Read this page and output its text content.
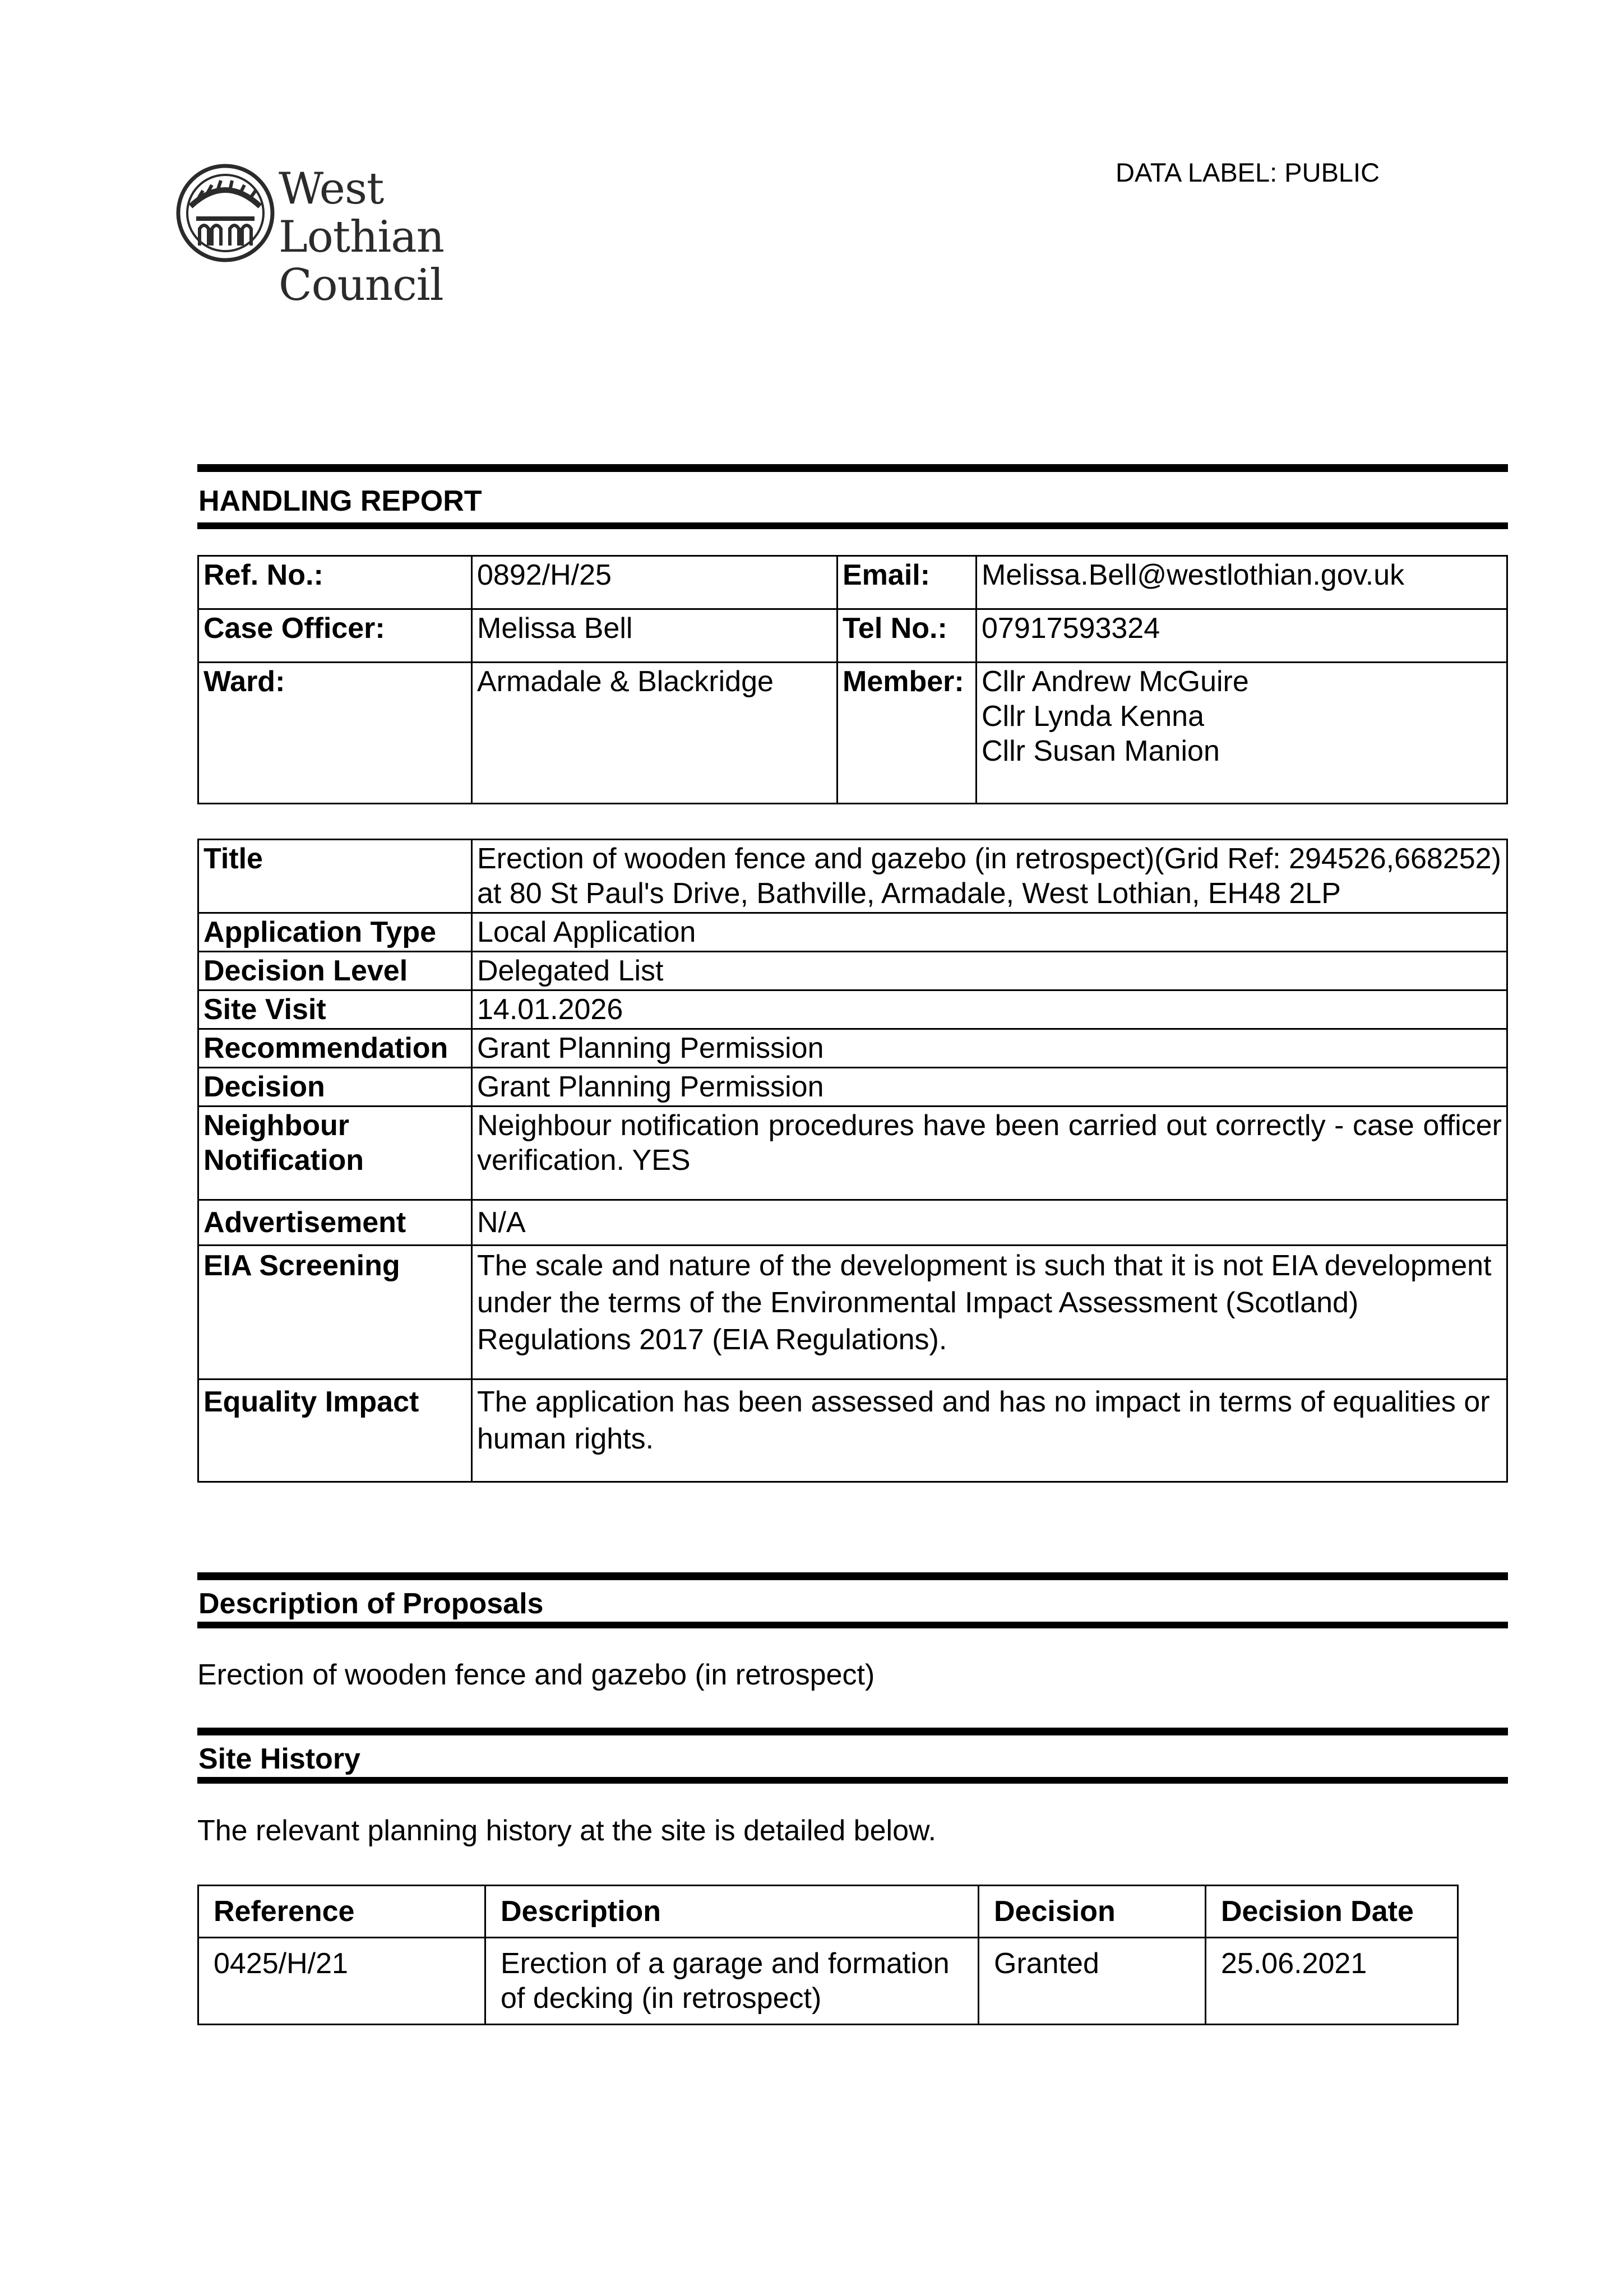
West Lothian
Council
DATA LABEL: PUBLIC
HANDLING REPORT
Ref. No.:	0892/H/25	Email:	Melissa.Bell@westlothian.gov.uk
Case Officer:	Melissa Bell	Tel No.:	07917593324
Ward:	Armadale & Blackridge	Member:	Cllr Andrew McGuire
Cllr Lynda Kenna
Cllr Susan Manion
Title	Erection of wooden fence and gazebo (in retrospect)(Grid Ref: 294526,668252) at 80 St Paul's Drive, Bathville, Armadale, West Lothian, EH48 2LP
Application Type	Local Application
Decision Level	Delegated List
Site Visit	14.01.2026
Recommendation	Grant Planning Permission
Decision	Grant Planning Permission
Neighbour Notification	Neighbour notification procedures have been carried out correctly - case officer verification. YES
Advertisement	N/A
EIA Screening	The scale and nature of the development is such that it is not EIA development under the terms of the Environmental Impact Assessment (Scotland) Regulations 2017 (EIA Regulations).
Equality Impact	The application has been assessed and has no impact in terms of equalities or human rights.
Description of Proposals
Erection of wooden fence and gazebo (in retrospect)
Site History
The relevant planning history at the site is detailed below.
Reference	Description	Decision	Decision Date
0425/H/21	Erection of a garage and formation of decking (in retrospect)	Granted	25.06.2021
